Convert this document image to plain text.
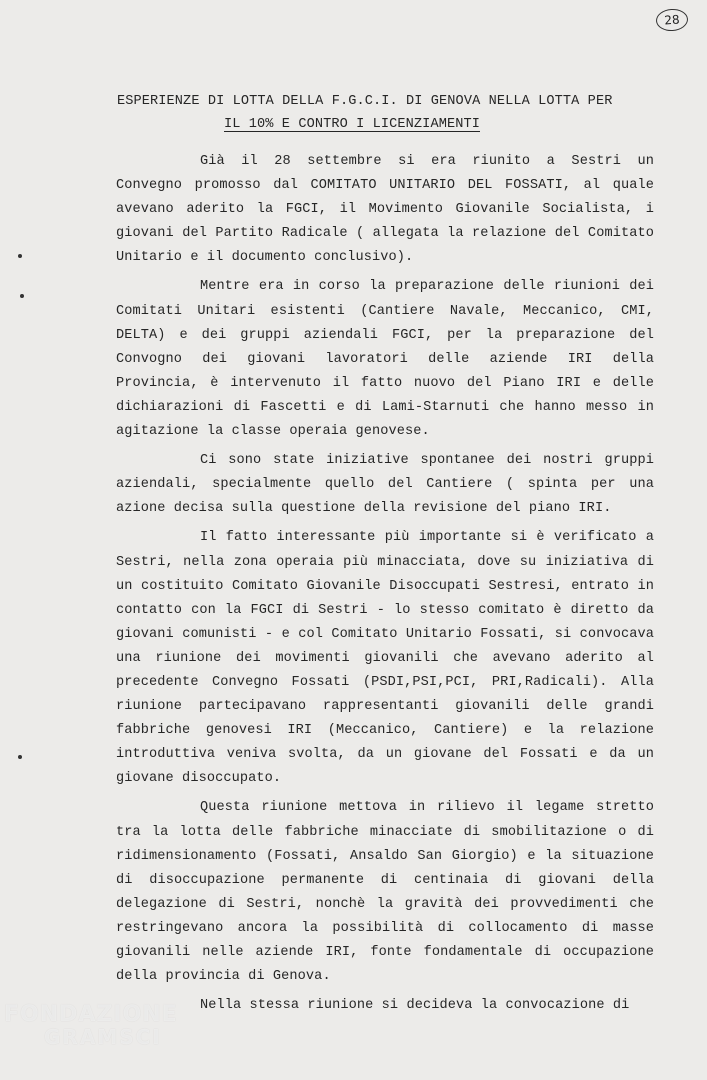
28
ESPERIENZE DI LOTTA DELLA F.G.C.I. DI GENOVA NELLA LOTTA PER
IL 10% E CONTRO I LICENZIAMENTI

Già il 28 settembre si era riunito a Sestri un Convegno promosso dal COMITATO UNITARIO DEL FOSSATI, al quale avevano aderito la FGCI, il Movimento Giovanile Socialista, i giovani del Partito Radicale ( allegata la relazione del Comitato Unitario e il documento conclusivo).

Mentre era in corso la preparazione delle riunioni dei Comitati Unitari esistenti (Cantiere Navale, Meccanico, CMI, DELTA) e dei gruppi aziendali FGCI, per la preparazione del Convogno dei giovani lavoratori delle aziende IRI della Provincia, è intervenuto il fatto nuovo del Piano IRI e delle dichiarazioni di Fascetti e di Lami-Starnuti che hanno messo in agitazione la classe operaia genovese.

Ci sono state iniziative spontanee dei nostri gruppi aziendali, specialmente quello del Cantiere ( spinta per una azione decisa sulla questione della revisione del piano IRI.

Il fatto interessante più importante si è verificato a Sestri, nella zona operaia più minacciata, dove su iniziativa di un costituito Comitato Giovanile Disoccupati Sestresi, entrato in contatto con la FGCI di Sestri - lo stesso comitato è diretto da giovani comunisti - e col Comitato Unitario Fossati, si convocava una riunione dei movimenti giovanili che avevano aderito al precedente Convegno Fossati (PSDI,PSI,PCI, PRI,Radicali). Alla riunione partecipavano rappresentanti giovanili delle grandi fabbriche genovesi IRI (Meccanico, Cantiere) e la relazione introduttiva veniva svolta, da un giovane del Fossati e da un giovane disoccupato.

Questa riunione mettova in rilievo il legame stretto tra la lotta delle fabbriche minacciate di smobilitazione o di ridimensionamento (Fossati, Ansaldo San Giorgio) e la situazione di disoccupazione permanente di centinaia di giovani della delegazione di Sestri, nonchè la gravità dei provvedimenti che restringevano ancora la possibilità di collocamento di masse giovanili nelle aziende IRI, fonte fondamentale di occupazione della provincia di Genova.

Nella stessa riunione si decideva la convocazione di

FONDAZIONE
GRAMSCI
